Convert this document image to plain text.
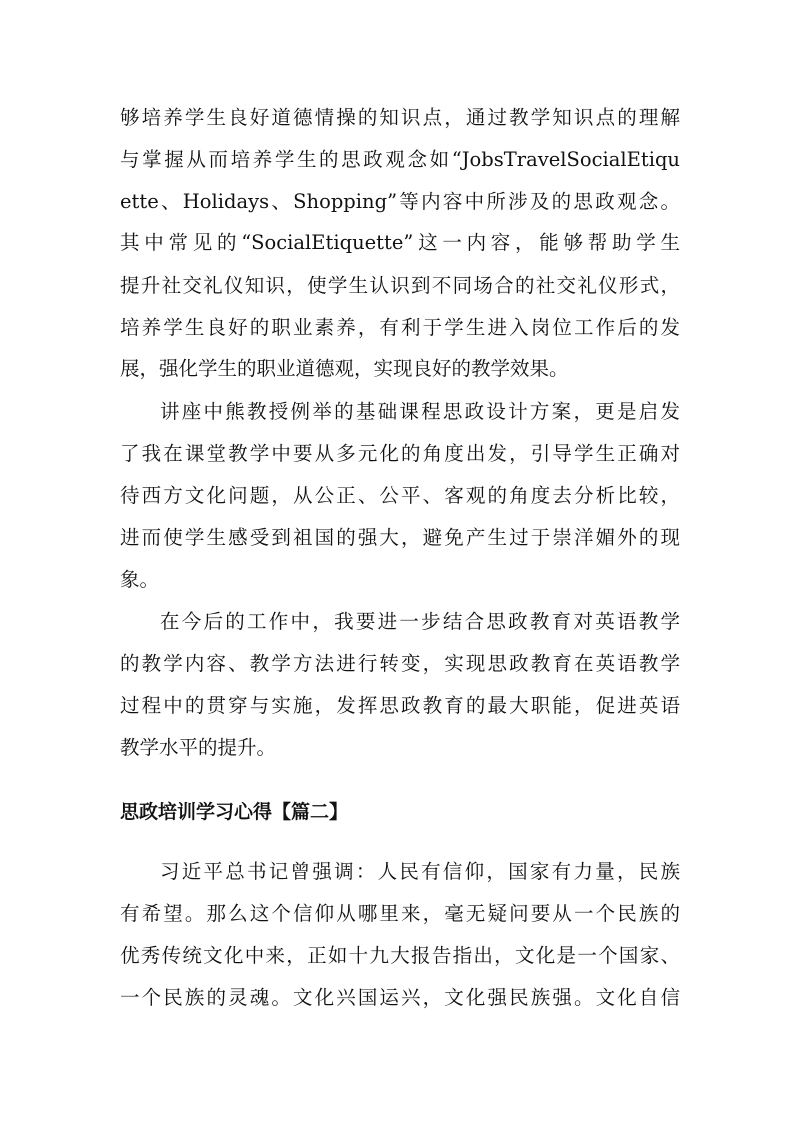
够培养学生良好道德情操的知识点，通过教学知识点的理解
与掌握从而培养学生的思政观念如“JobsTravelSocialEtiqu
ette、Holidays、Shopping”等内容中所涉及的思政观念。
其中常见的“SocialEtiquette”这一内容，能够帮助学生
提升社交礼仪知识，使学生认识到不同场合的社交礼仪形式，
培养学生良好的职业素养，有利于学生进入岗位工作后的发
展，强化学生的职业道德观，实现良好的教学效果。
讲座中熊教授例举的基础课程思政设计方案，更是启发
了我在课堂教学中要从多元化的角度出发，引导学生正确对
待西方文化问题，从公正、公平、客观的角度去分析比较，
进而使学生感受到祖国的强大，避免产生过于崇洋媚外的现
象。
在今后的工作中，我要进一步结合思政教育对英语教学
的教学内容、教学方法进行转变，实现思政教育在英语教学
过程中的贯穿与实施，发挥思政教育的最大职能，促进英语
教学水平的提升。
思政培训学习心得【篇二】
习近平总书记曾强调：人民有信仰，国家有力量，民族
有希望。那么这个信仰从哪里来，毫无疑问要从一个民族的
优秀传统文化中来，正如十九大报告指出，文化是一个国家、
一个民族的灵魂。文化兴国运兴，文化强民族强。文化自信
